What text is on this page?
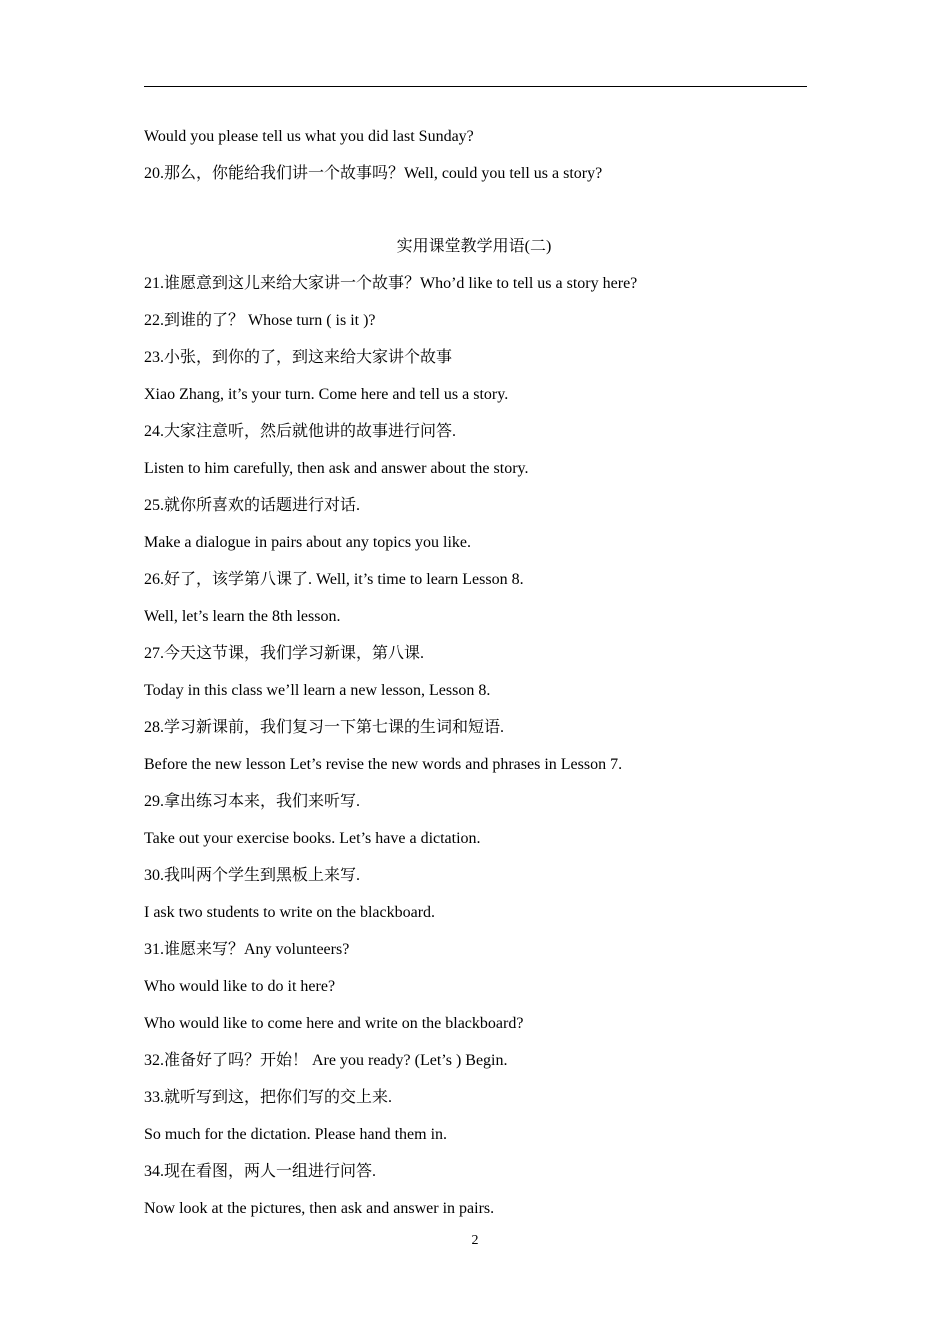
Would you please tell us what you did last Sunday?
20.那么，你能给我们讲一个故事吗？Well, could you tell us a story?
实用课堂教学用语(二)
21.谁愿意到这儿来给大家讲一个故事？Who’d like to tell us a story here?
22.到谁的了？ Whose turn ( is it )?
23.小张，到你的了，到这来给大家讲个故事
Xiao Zhang, it’s your turn. Come here and tell us a story.
24.大家注意听，然后就他讲的故事进行问答.
Listen to him carefully, then ask and answer about the story.
25.就你所喜欢的话题进行对话.
Make a dialogue in pairs about any topics you like.
26.好了，该学第八课了. Well, it’s time to learn Lesson 8.
Well, let’s learn the 8th lesson.
27.今天这节课，我们学习新课，第八课.
Today in this class we’ll learn a new lesson, Lesson 8.
28.学习新课前，我们复习一下第七课的生词和短语.
Before the new lesson Let’s revise the new words and phrases in Lesson 7.
29.拿出练习本来，我们来听写.
Take out your exercise books. Let’s have a dictation.
30.我叫两个学生到黑板上来写.
I ask two students to write on the blackboard.
31.谁愿来写？Any volunteers?
Who would like to do it here?
Who would like to come here and write on the blackboard?
32.准备好了吗？开始！ Are you ready? (Let’s ) Begin.
33.就听写到这，把你们写的交上来.
So much for the dictation. Please hand them in.
34.现在看图，两人一组进行问答.
Now look at the pictures, then ask and answer in pairs.
2
